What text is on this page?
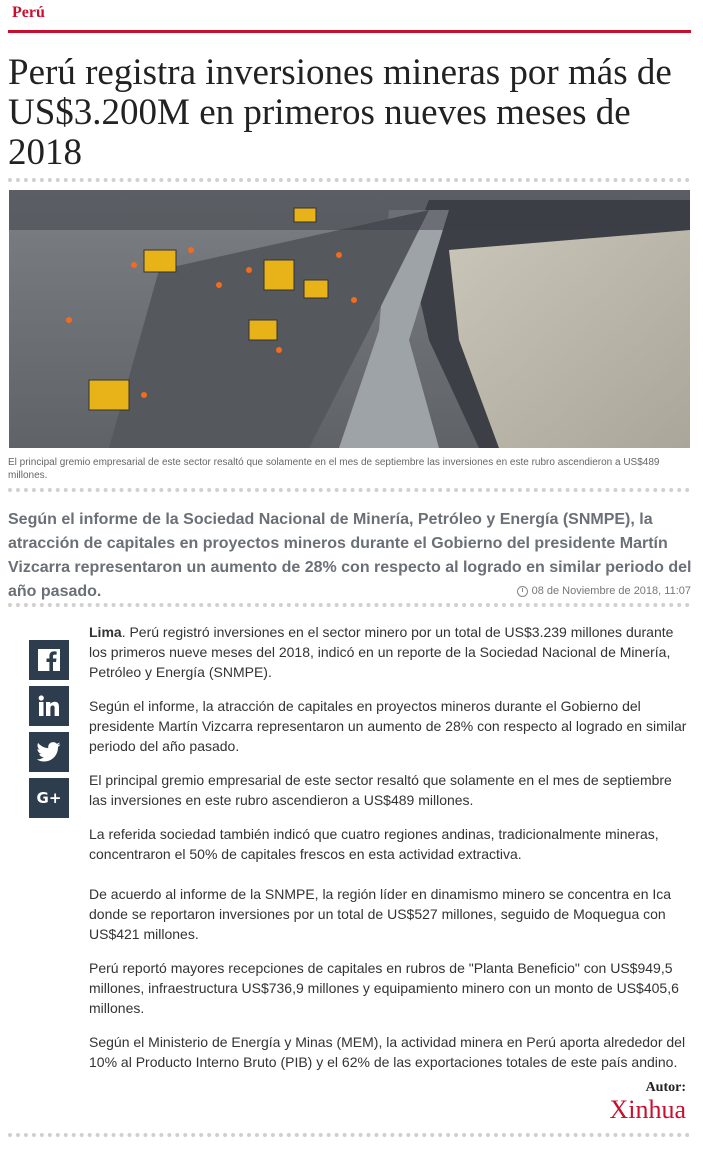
Perú
Perú registra inversiones mineras por más de US$3.200M en primeros nueves meses de 2018

El principal gremio empresarial de este sector resaltó que solamente en el mes de septiembre las inversiones en este rubro ascendieron a US$489 millones.

Según el informe de la Sociedad Nacional de Minería, Petróleo y Energía (SNMPE), la atracción de capitales en proyectos mineros durante el Gobierno del presidente Martín Vizcarra representaron un aumento de 28% con respecto al logrado en similar periodo del año pasado.	08 de Noviembre de 2018, 11:07
G+

Lima. Perú registró inversiones en el sector minero por un total de US$3.239 millones durante los primeros nueve meses del 2018, indicó en un reporte de la Sociedad Nacional de Minería, Petróleo y Energía (SNMPE).

Según el informe, la atracción de capitales en proyectos mineros durante el Gobierno del presidente Martín Vizcarra representaron un aumento de 28% con respecto al logrado en similar periodo del año pasado.

El principal gremio empresarial de este sector resaltó que solamente en el mes de septiembre las inversiones en este rubro ascendieron a US$489 millones.

La referida sociedad también indicó que cuatro regiones andinas, tradicionalmente mineras, concentraron el 50% de capitales frescos en esta actividad extractiva.

De acuerdo al informe de la SNMPE, la región líder en dinamismo minero se concentra en Ica donde se reportaron inversiones por un total de US$527 millones, seguido de Moquegua con US$421 millones.

Perú reportó mayores recepciones de capitales en rubros de "Planta Beneficio" con US$949,5 millones, infraestructura US$736,9 millones y equipamiento minero con un monto de US$405,6 millones.

Según el Ministerio de Energía y Minas (MEM), la actividad minera en Perú aporta alrededor del 10% al Producto Interno Bruto (PIB) y el 62% de las exportaciones totales de este país andino.

Autor:
Xinhua
